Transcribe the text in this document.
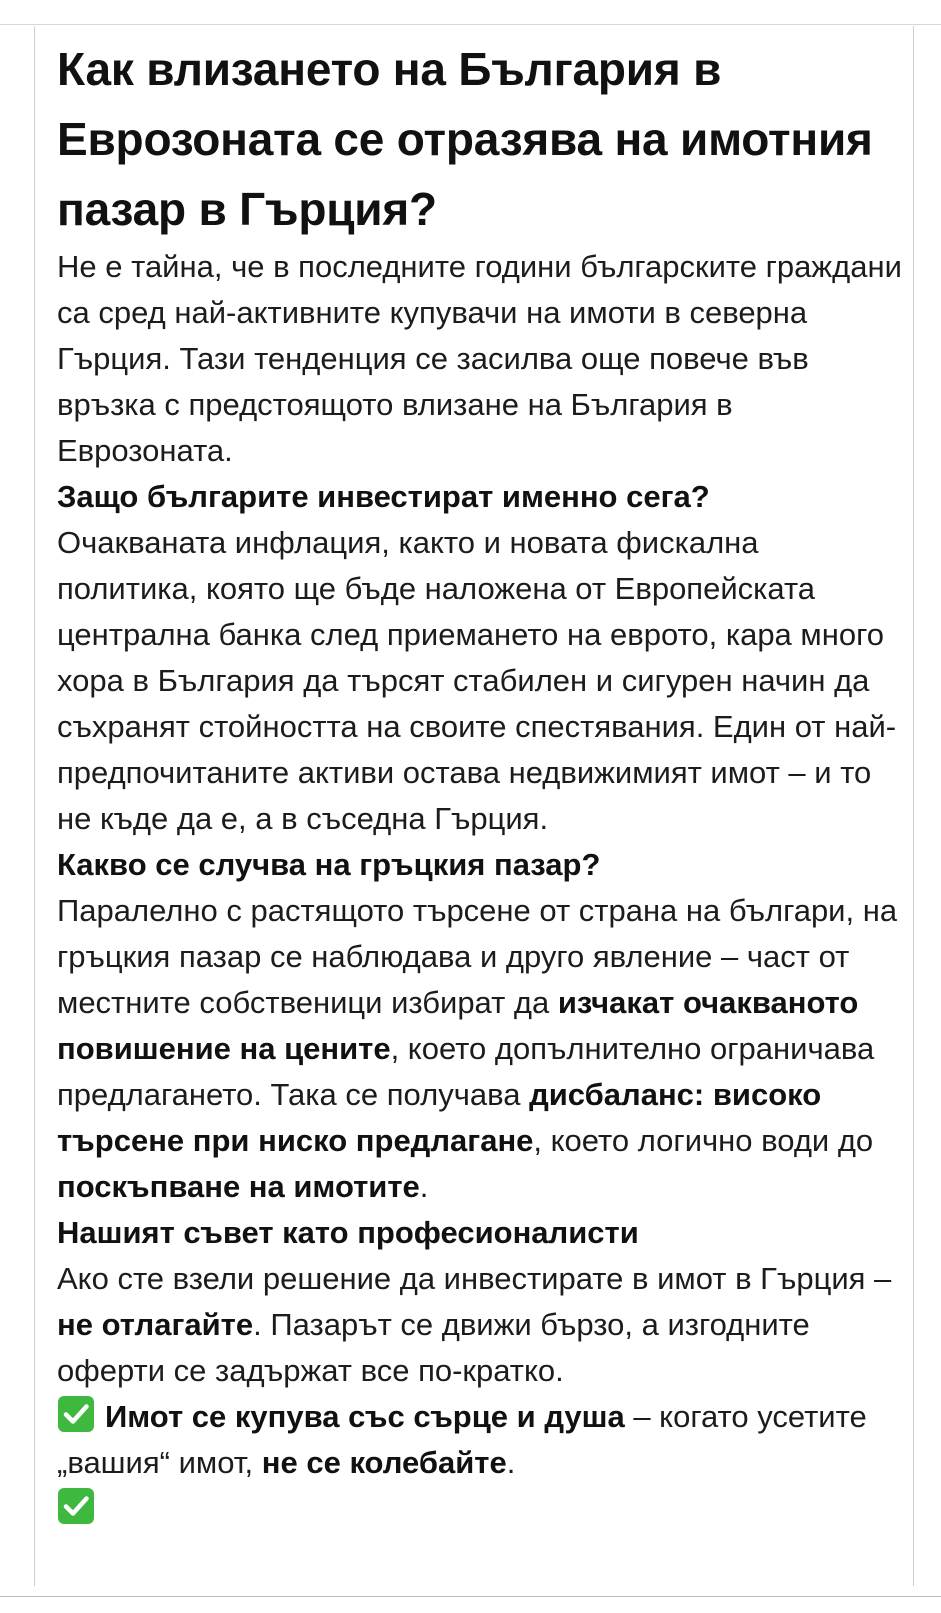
Как влизането на България в Еврозоната се отразява на имотния пазар в Гърция?

Не е тайна, че в последните години българските граждани са сред най-активните купувачи на имоти в северна Гърция. Тази тенденция се засилва още повече във връзка с предстоящото влизане на България в Еврозоната.

Защо българите инвестират именно сега?

Очакваната инфлация, както и новата фискална политика, която ще бъде наложена от Европейската централна банка след приемането на еврото, кара много хора в България да търсят стабилен и сигурен начин да съхранят стойността на своите спестявания. Един от най-предпочитаните активи остава недвижимият имот – и то не къде да е, а в съседна Гърция.

Какво се случва на гръцкия пазар?

Паралелно с растящото търсене от страна на българи, на гръцкия пазар се наблюдава и друго явление – част от местните собственици избират да изчакат очакваното повишение на цените, което допълнително ограничава предлагането. Така се получава дисбаланс: високо търсене при ниско предлагане, което логично води до поскъпване на имотите.

Нашият съвет като професионалисти

Ако сте взели решение да инвестирате в имот в Гърция – не отлагайте. Пазарът се движи бързо, а изгодните оферти се задържат все по-кратко.

Имот се купува със сърце и душа – когато усетите „вашия“ имот, не се колебайте.
